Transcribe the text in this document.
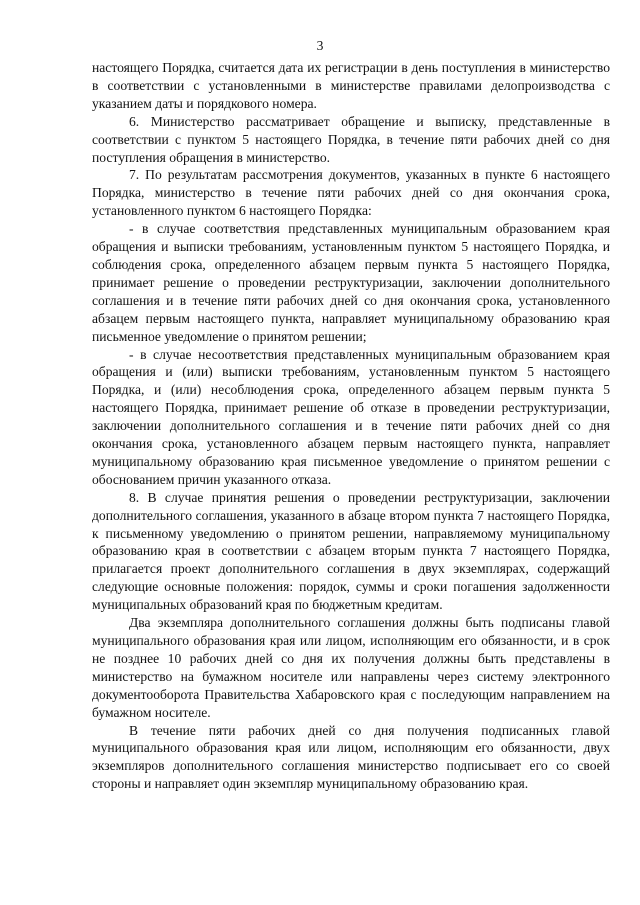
3

настоящего Порядка, считается дата их регистрации в день поступления в министерство в соответствии с установленными в министерстве правилами делопроизводства с указанием даты и порядкового номера.

6. Министерство рассматривает обращение и выписку, представленные в соответствии с пунктом 5 настоящего Порядка, в течение пяти рабочих дней со дня поступления обращения в министерство.

7. По результатам рассмотрения документов, указанных в пункте 6 настоящего Порядка, министерство в течение пяти рабочих дней со дня окончания срока, установленного пунктом 6 настоящего Порядка:

- в случае соответствия представленных муниципальным образованием края обращения и выписки требованиям, установленным пунктом 5 настоящего Порядка, и соблюдения срока, определенного абзацем первым пункта 5 настоящего Порядка, принимает решение о проведении реструктуризации, заключении дополнительного соглашения и в течение пяти рабочих дней со дня окончания срока, установленного абзацем первым настоящего пункта, направляет муниципальному образованию края письменное уведомление о принятом решении;

- в случае несоответствия представленных муниципальным образованием края обращения и (или) выписки требованиям, установленным пунктом 5 настоящего Порядка, и (или) несоблюдения срока, определенного абзацем первым пункта 5 настоящего Порядка, принимает решение об отказе в проведении реструктуризации, заключении дополнительного соглашения и в течение пяти рабочих дней со дня окончания срока, установленного абзацем первым настоящего пункта, направляет муниципальному образованию края письменное уведомление о принятом решении с обоснованием причин указанного отказа.

8. В случае принятия решения о проведении реструктуризации, заключении дополнительного соглашения, указанного в абзаце втором пункта 7 настоящего Порядка, к письменному уведомлению о принятом решении, направляемому муниципальному образованию края в соответствии с абзацем вторым пункта 7 настоящего Порядка, прилагается проект дополнительного соглашения в двух экземплярах, содержащий следующие основные положения: порядок, суммы и сроки погашения задолженности муниципальных образований края по бюджетным кредитам.

Два экземпляра дополнительного соглашения должны быть подписаны главой муниципального образования края или лицом, исполняющим его обязанности, и в срок не позднее 10 рабочих дней со дня их получения должны быть представлены в министерство на бумажном носителе или направлены через систему электронного документооборота Правительства Хабаровского края с последующим направлением на бумажном носителе.

В течение пяти рабочих дней со дня получения подписанных главой муниципального образования края или лицом, исполняющим его обязанности, двух экземпляров дополнительного соглашения министерство подписывает его со своей стороны и направляет один экземпляр муниципальному образованию края.
